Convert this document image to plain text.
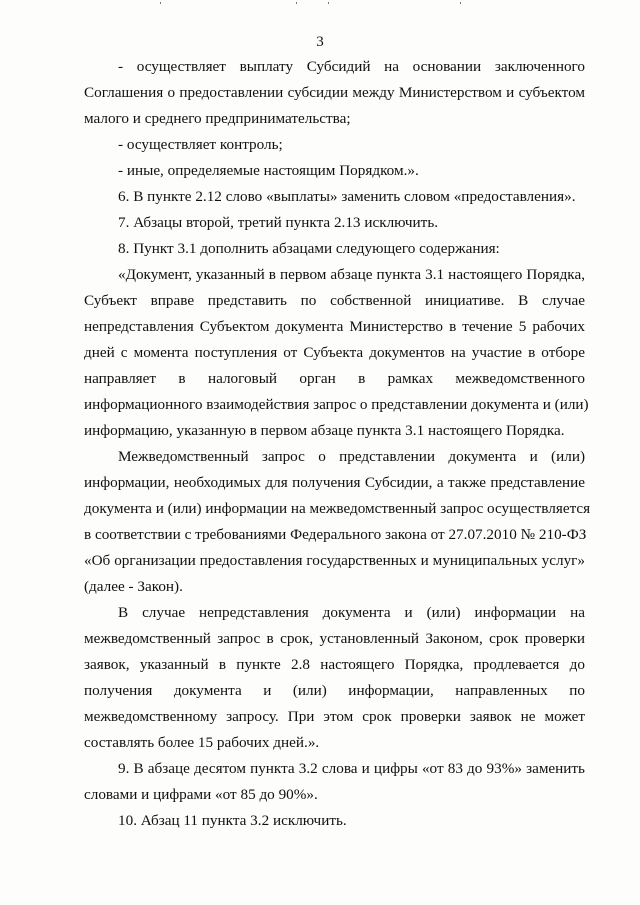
3
- осуществляет выплату Субсидий на основании заключенного
Соглашения о предоставлении субсидии между Министерством и субъектом
малого и среднего предпринимательства;
- осуществляет контроль;
- иные, определяемые настоящим Порядком.».
6. В пункте 2.12 слово «выплаты» заменить словом «предоставления».
7. Абзацы второй, третий пункта 2.13 исключить.
8. Пункт 3.1 дополнить абзацами следующего содержания:
«Документ, указанный в первом абзаце пункта 3.1 настоящего Порядка,
Субъект вправе представить по собственной инициативе. В случае
непредставления Субъектом документа Министерство в течение 5 рабочих
дней с момента поступления от Субъекта документов на участие в отборе
направляет в налоговый орган в рамках межведомственного
информационного взаимодействия запрос о представлении документа и (или)
информацию, указанную в первом абзаце пункта 3.1 настоящего Порядка.
Межведомственный запрос о представлении документа и (или)
информации, необходимых для получения Субсидии, а также представление
документа и (или) информации на межведомственный запрос осуществляется
в соответствии с требованиями Федерального закона от 27.07.2010 № 210-ФЗ
«Об организации предоставления государственных и муниципальных услуг»
(далее - Закон).
В случае непредставления документа и (или) информации на
межведомственный запрос в срок, установленный Законом, срок проверки
заявок, указанный в пункте 2.8 настоящего Порядка, продлевается до
получения документа и (или) информации, направленных по
межведомственному запросу. При этом срок проверки заявок не может
составлять более 15 рабочих дней.».
9. В абзаце десятом пункта 3.2 слова и цифры «от 83 до 93%» заменить
словами и цифрами «от 85 до 90%».
10. Абзац 11 пункта 3.2 исключить.
